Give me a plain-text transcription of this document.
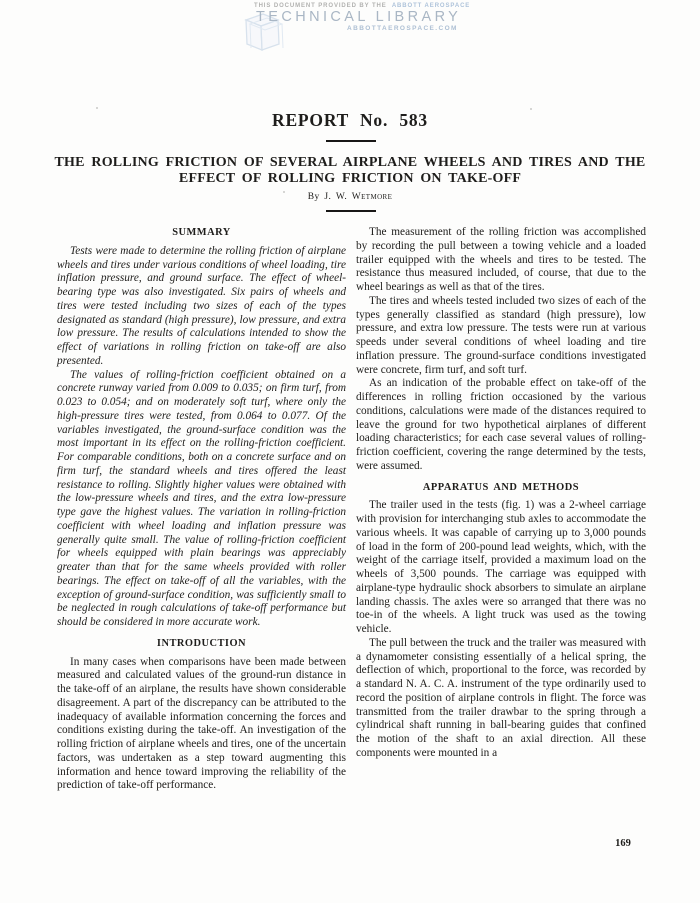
THIS DOCUMENT PROVIDED BY THE ABBOTT AEROSPACE
TECHNICAL LIBRARY
ABBOTTAEROSPACE.COM
REPORT No. 583
THE ROLLING FRICTION OF SEVERAL AIRPLANE WHEELS AND TIRES AND THE
EFFECT OF ROLLING FRICTION ON TAKE-OFF
By J. W. Wetmore
SUMMARY

Tests were made to determine the rolling friction of airplane wheels and tires under various conditions of wheel loading, tire inflation pressure, and ground surface. The effect of wheel-bearing type was also investigated. Six pairs of wheels and tires were tested including two sizes of each of the types designated as standard (high pressure), low pressure, and extra low pressure. The results of calculations intended to show the effect of variations in rolling friction on take-off are also presented.

The values of rolling-friction coefficient obtained on a concrete runway varied from 0.009 to 0.035; on firm turf, from 0.023 to 0.054; and on moderately soft turf, where only the high-pressure tires were tested, from 0.064 to 0.077. Of the variables investigated, the ground-surface condition was the most important in its effect on the rolling-friction coefficient. For comparable conditions, both on a concrete surface and on firm turf, the standard wheels and tires offered the least resistance to rolling. Slightly higher values were obtained with the low-pressure wheels and tires, and the extra low-pressure type gave the highest values. The variation in rolling-friction coefficient with wheel loading and inflation pressure was generally quite small. The value of rolling-friction coefficient for wheels equipped with plain bearings was appreciably greater than that for the same wheels provided with roller bearings. The effect on take-off of all the variables, with the exception of ground-surface condition, was sufficiently small to be neglected in rough calculations of take-off performance but should be considered in more accurate work.

INTRODUCTION

In many cases when comparisons have been made between measured and calculated values of the ground-run distance in the take-off of an airplane, the results have shown considerable disagreement. A part of the discrepancy can be attributed to the inadequacy of available information concerning the forces and conditions existing during the take-off. An investigation of the rolling friction of airplane wheels and tires, one of the uncertain factors, was undertaken as a step toward augmenting this information and hence toward improving the reliability of the prediction of take-off performance.

The measurement of the rolling friction was accomplished by recording the pull between a towing vehicle and a loaded trailer equipped with the wheels and tires to be tested. The resistance thus measured included, of course, that due to the wheel bearings as well as that of the tires.

The tires and wheels tested included two sizes of each of the types generally classified as standard (high pressure), low pressure, and extra low pressure. The tests were run at various speeds under several conditions of wheel loading and tire inflation pressure. The ground-surface conditions investigated were concrete, firm turf, and soft turf.

As an indication of the probable effect on take-off of the differences in rolling friction occasioned by the various conditions, calculations were made of the distances required to leave the ground for two hypothetical airplanes of different loading characteristics; for each case several values of rolling-friction coefficient, covering the range determined by the tests, were assumed.

APPARATUS AND METHODS

The trailer used in the tests (fig. 1) was a 2-wheel carriage with provision for interchanging stub axles to accommodate the various wheels. It was capable of carrying up to 3,000 pounds of load in the form of 200-pound lead weights, which, with the weight of the carriage itself, provided a maximum load on the wheels of 3,500 pounds. The carriage was equipped with airplane-type hydraulic shock absorbers to simulate an airplane landing chassis. The axles were so arranged that there was no toe-in of the wheels. A light truck was used as the towing vehicle.

The pull between the truck and the trailer was measured with a dynamometer consisting essentially of a helical spring, the deflection of which, proportional to the force, was recorded by a standard N. A. C. A. instrument of the type ordinarily used to record the position of airplane controls in flight. The force was transmitted from the trailer drawbar to the spring through a cylindrical shaft running in ball-bearing guides that confined the motion of the shaft to an axial direction. All these components were mounted in a

169
